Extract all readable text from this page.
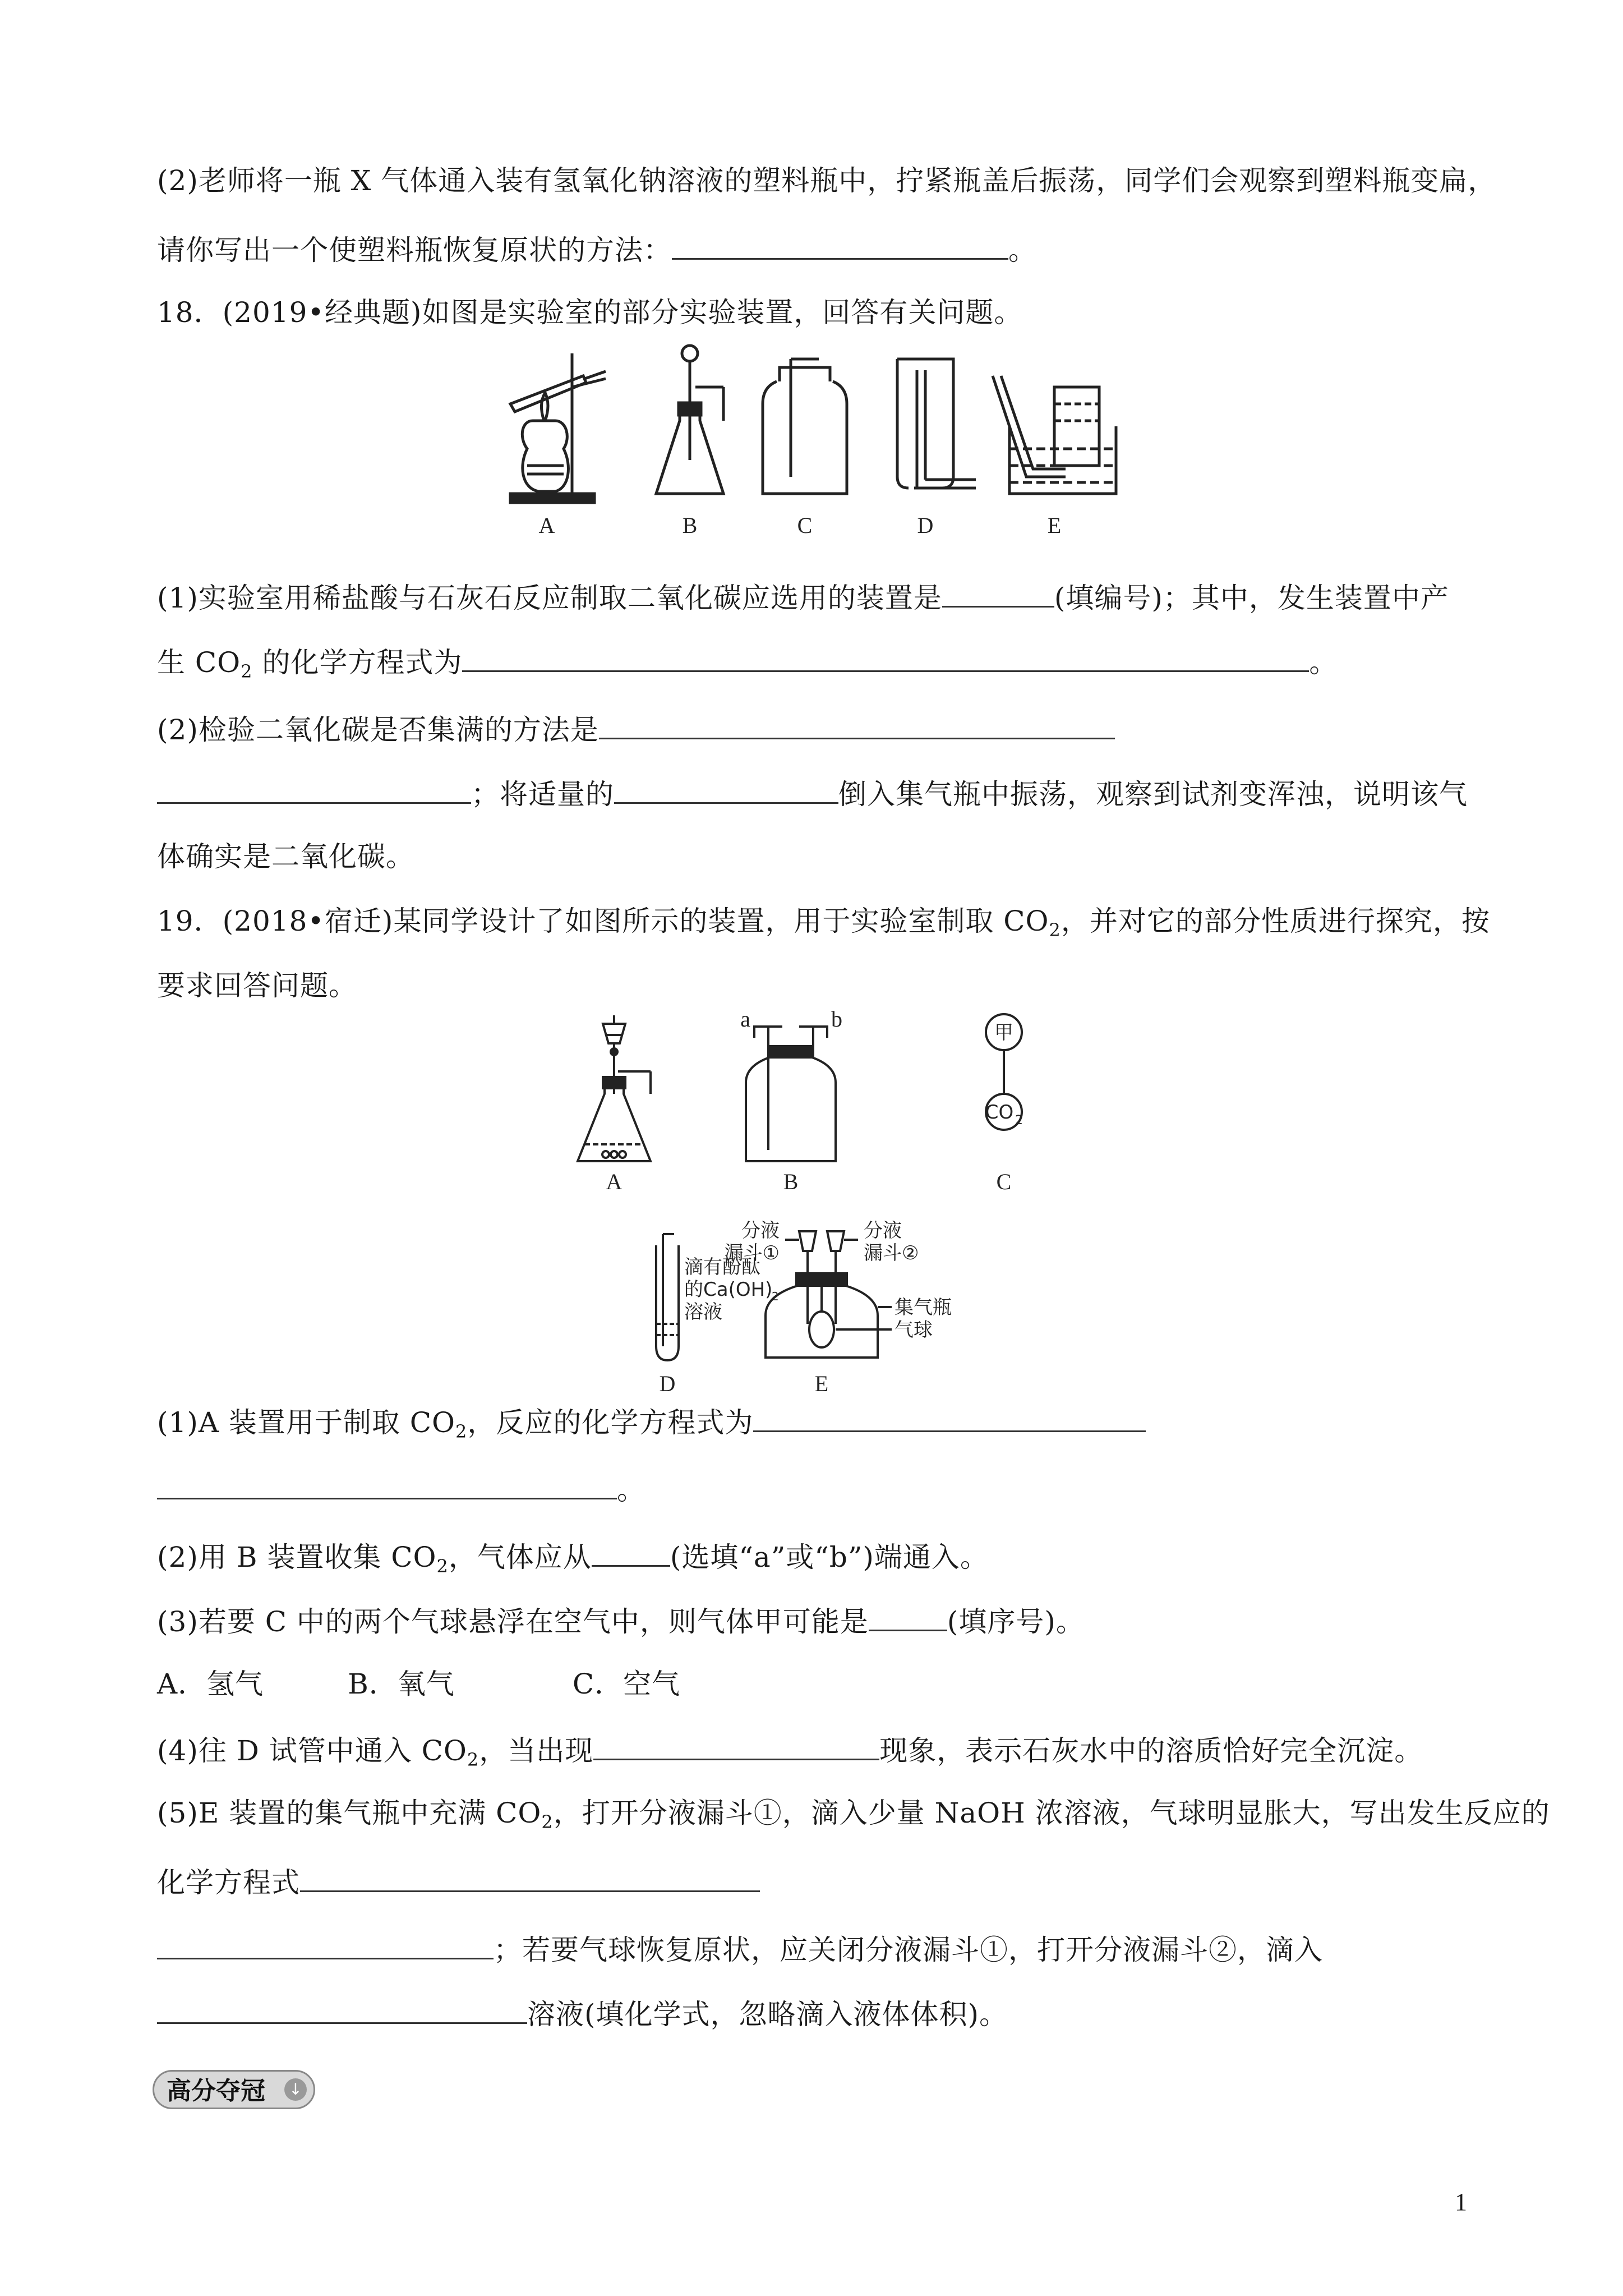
(2)老师将一瓶 X 气体通入装有氢氧化钠溶液的塑料瓶中，拧紧瓶盖后振荡，同学们会观察到塑料瓶变扁，
请你写出一个使塑料瓶恢复原状的方法：	。
18．(2019•经典题)如图是实验室的部分实验装置，回答有关问题。
A	B	C	D	E
(1)实验室用稀盐酸与石灰石反应制取二氧化碳应选用的装置是	(填编号)；其中，发生装置中产
生 $CO_2$ 的化学方程式为	。
(2)检验二氧化碳是否集满的方法是
；将适量的	倒入集气瓶中振荡，观察到试剂变浑浊，说明该气
体确实是二氧化碳。
19．(2018•宿迁)某同学设计了如图所示的装置，用于实验室制取 $CO_2$，并对它的部分性质进行探究，按
要求回答问题。
A	B	C
D	E
a	b
甲
CO 2
滴有酚酞
的Ca(OH)
2
溶液
分液
漏斗①
分液
漏斗②
集气瓶
气球
(1)A 装置用于制取 $CO_2$，反应的化学方程式为
。
(2)用 B 装置收集 $CO_2$，气体应从	(选填“a”或“b”)端通入。
(3)若要 C 中的两个气球悬浮在空气中，则气体甲可能是	(填序号)。
A．氢气	B．氧气	C．空气
(4)往 D 试管中通入 $CO_2$，当出现	现象，表示石灰水中的溶质恰好完全沉淀。
(5)E 装置的集气瓶中充满 $CO_2$，打开分液漏斗①，滴入少量 NaOH 浓溶液，气球明显胀大，写出发生反应的
化学方程式
；若要气球恢复原状，应关闭分液漏斗①，打开分液漏斗②，滴入
溶液(填化学式，忽略滴入液体体积)。
高分夺冠 ↓
1
